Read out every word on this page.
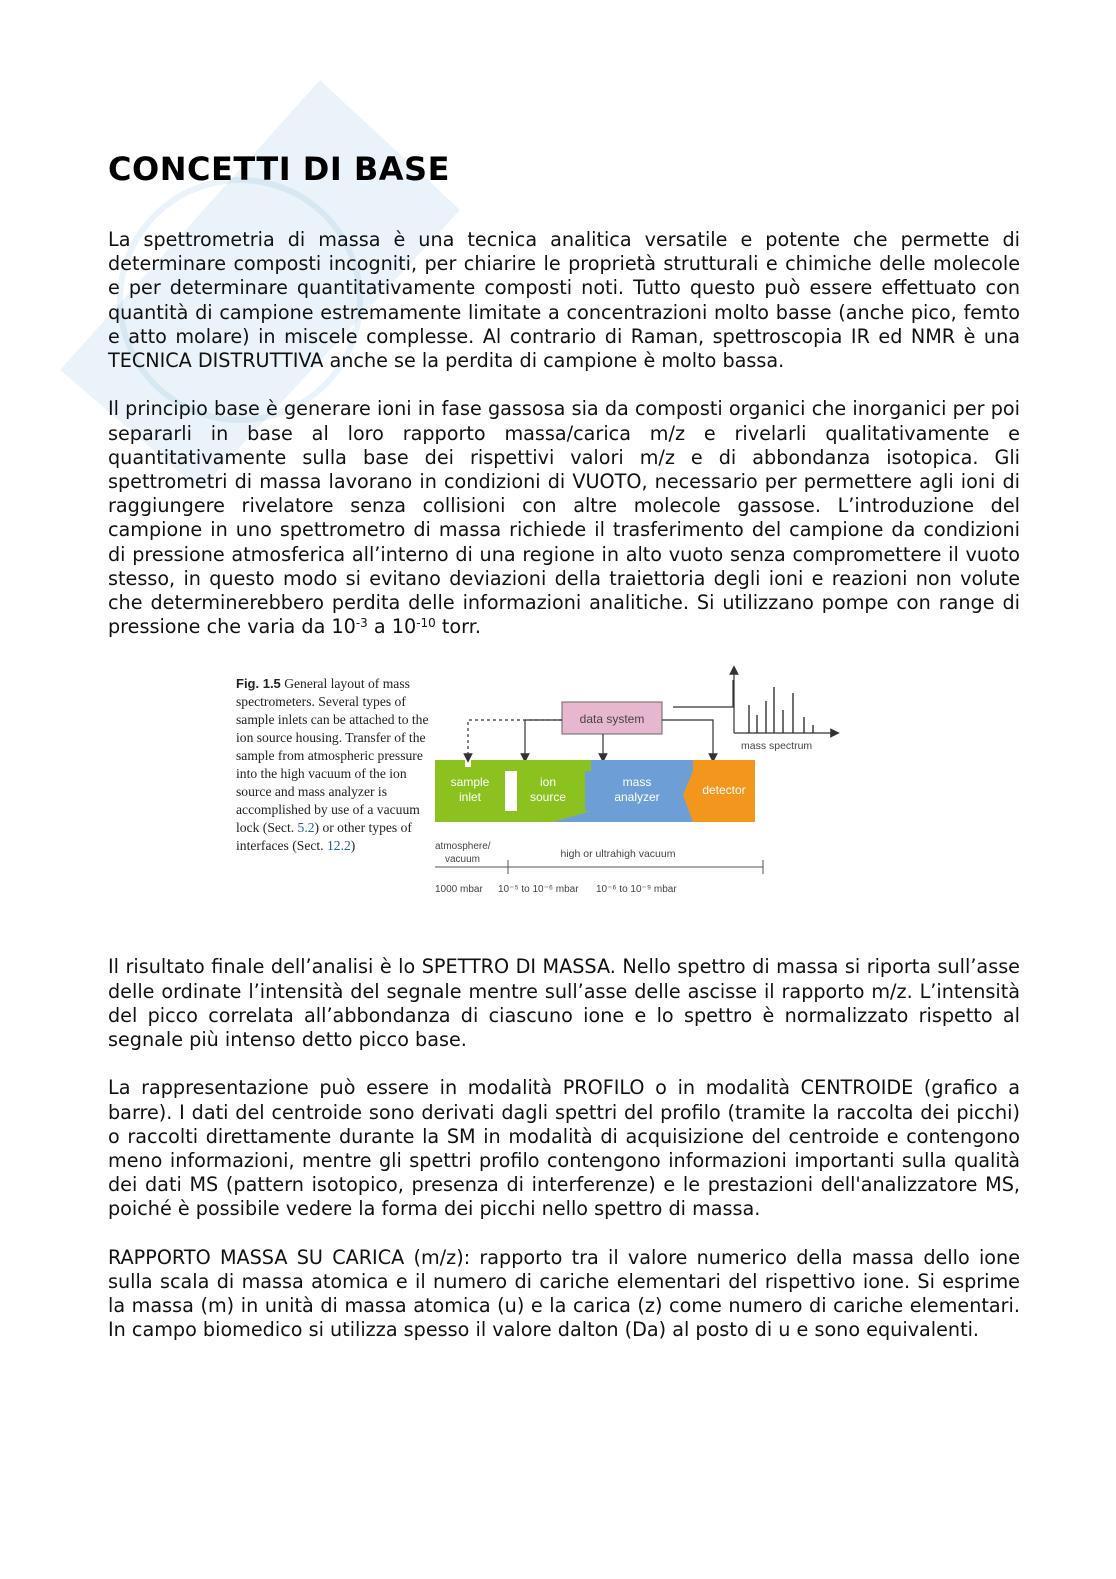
CONCETTI DI BASE

La spettrometria di massa è una tecnica analitica versatile e potente che permette di determinare composti incogniti, per chiarire le proprietà strutturali e chimiche delle molecole e per determinare quantitativamente composti noti. Tutto questo può essere effettuato con quantità di campione estremamente limitate a concentrazioni molto basse (anche pico, femto e atto molare) in miscele complesse. Al contrario di Raman, spettroscopia IR ed NMR è una TECNICA DISTRUTTIVA anche se la perdita di campione è molto bassa.

Il principio base è generare ioni in fase gassosa sia da composti organici che inorganici per poi separarli in base al loro rapporto massa/carica m/z e rivelarli qualitativamente e quantitativamente sulla base dei rispettivi valori m/z e di abbondanza isotopica. Gli spettrometri di massa lavorano in condizioni di VUOTO, necessario per permettere agli ioni di raggiungere rivelatore senza collisioni con altre molecole gassose. L’introduzione del campione in uno spettrometro di massa richiede il trasferimento del campione da condizioni di pressione atmosferica all’interno di una regione in alto vuoto senza compromettere il vuoto stesso, in questo modo si evitano deviazioni della traiettoria degli ioni e reazioni non volute che determinerebbero perdita delle informazioni analitiche. Si utilizzano pompe con range di pressione che varia da $10^{-3}$ a $10^{-10}$ torr.

Fig. 1.5 General layout of mass spectrometers. Several types of sample inlets can be attached to the ion source housing. Transfer of the sample from atmospheric pressure into the high vacuum of the ion source and mass analyzer is accomplished by use of a vacuum lock (Sect. 5.2) or other types of interfaces (Sect. 12.2)
data system
mass spectrum
sample
inlet
ion
source
mass
analyzer	detector
atmosphere/
vacuum	high or ultrahigh vacuum
1000 mbar 10⁻⁵ to 10⁻⁶ mbar 10⁻⁶ to 10⁻⁹ mbar

Il risultato finale dell’analisi è lo SPETTRO DI MASSA. Nello spettro di massa si riporta sull’asse delle ordinate l’intensità del segnale mentre sull’asse delle ascisse il rapporto m/z. L’intensità del picco correlata all’abbondanza di ciascuno ione e lo spettro è normalizzato rispetto al segnale più intenso detto picco base.

La rappresentazione può essere in modalità PROFILO o in modalità CENTROIDE (grafico a barre). I dati del centroide sono derivati dagli spettri del profilo (tramite la raccolta dei picchi) o raccolti direttamente durante la SM in modalità di acquisizione del centroide e contengono meno informazioni, mentre gli spettri profilo contengono informazioni importanti sulla qualità dei dati MS (pattern isotopico, presenza di interferenze) e le prestazioni dell'analizzatore MS, poiché è possibile vedere la forma dei picchi nello spettro di massa.

RAPPORTO MASSA SU CARICA (m/z): rapporto tra il valore numerico della massa dello ione sulla scala di massa atomica e il numero di cariche elementari del rispettivo ione. Si esprime la massa (m) in unità di massa atomica (u) e la carica (z) come numero di cariche elementari. In campo biomedico si utilizza spesso il valore dalton (Da) al posto di u e sono equivalenti.
